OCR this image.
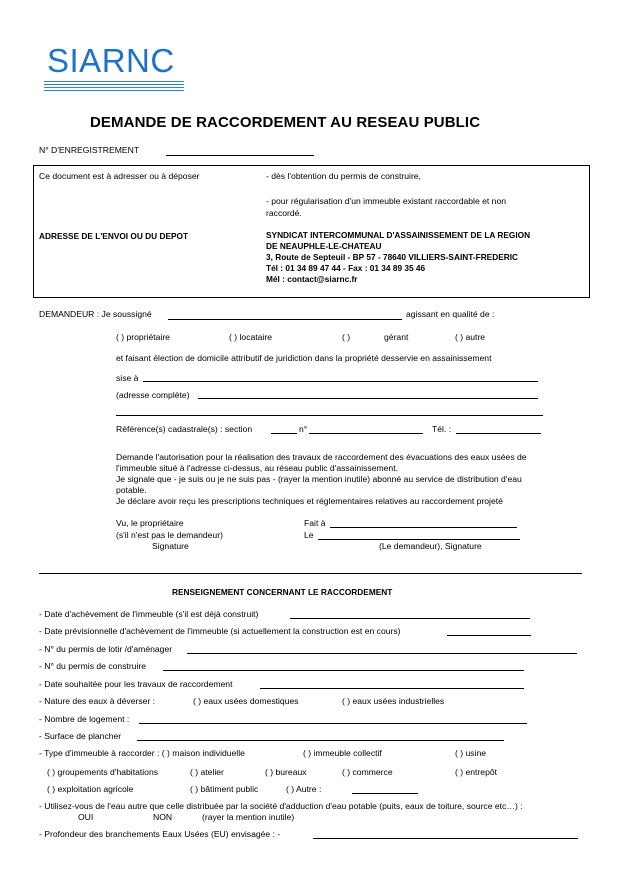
SIARNC
DEMANDE DE RACCORDEMENT AU RESEAU PUBLIC
N° D'ENREGISTREMENT
Ce document est à adresser ou à déposer	- dès l'obtention du permis de construire,
- pour régularisation d'un immeuble existant raccordable et non
raccordé.
ADRESSE DE L'ENVOI OU DU DEPOT	SYNDICAT INTERCOMMUNAL D'ASSAINISSEMENT DE LA REGION
DE NEAUPHLE-LE-CHATEAU
3, Route de Septeuil - BP 57 - 78640 VILLIERS-SAINT-FREDERIC
Tél : 01 34 89 47 44 - Fax : 01 34 89 35 46
Mél : contact@siarnc.fr
DEMANDEUR : Je soussigné	agissant en qualité de :
( ) propriétaire	( ) locataire	( )	gérant	( ) autre
et faisant élection de domicile attributif de juridiction dans la propriété desservie en assainissement
sise à
(adresse complète)
Référence(s) cadastrale(s) : section	n°	Tél. :
Demande l'autorisation pour la réalisation des travaux de raccordement des évacuations des eaux usées de
l'immeuble situé à l'adresse ci-dessus, au réseau public d'assainissement.
Je signale que - je suis ou je ne suis pas - (rayer la mention inutile) abonné au service de distribution d'eau
potable.
Je déclare avoir reçu les prescriptions techniques et réglementaires relatives au raccordement projeté
Vu, le propriétaire
(s'il n'est pas le demandeur)
Signature
Fait à
Le
(Le demandeur), Signature
RENSEIGNEMENT CONCERNANT LE RACCORDEMENT
- Date d'achèvement de l'immeuble (s'il est déjà construit)
- Date prévisionnelle d'achèvement de l'immeuble (si actuellement la construction est en cours)
- N° du permis de lotir /d'aménager
- N° du permis de construire
- Date souhaitée pour les travaux de raccordement
- Nature des eaux à déverser :	( ) eaux usées domestiques	( ) eaux usées industrielles
- Nombre de logement :
- Surface de plancher
- Type d'immeuble à raccorder : ( ) maison individuelle	( ) immeuble collectif	( ) usine
( ) groupements d'habitations	( ) atelier	( ) bureaux	( ) commerce	( ) entrepôt
( ) exploitation agricole	( ) bâtiment public	( ) Autre :
- Utilisez-vous de l'eau autre que celle distribuée par la société d'adduction d'eau potable (puits, eaux de toiture, source etc…) :
OUI	NON	(rayer la mention inutile)
- Profondeur des branchements Eaux Usées (EU) envisagée : -
